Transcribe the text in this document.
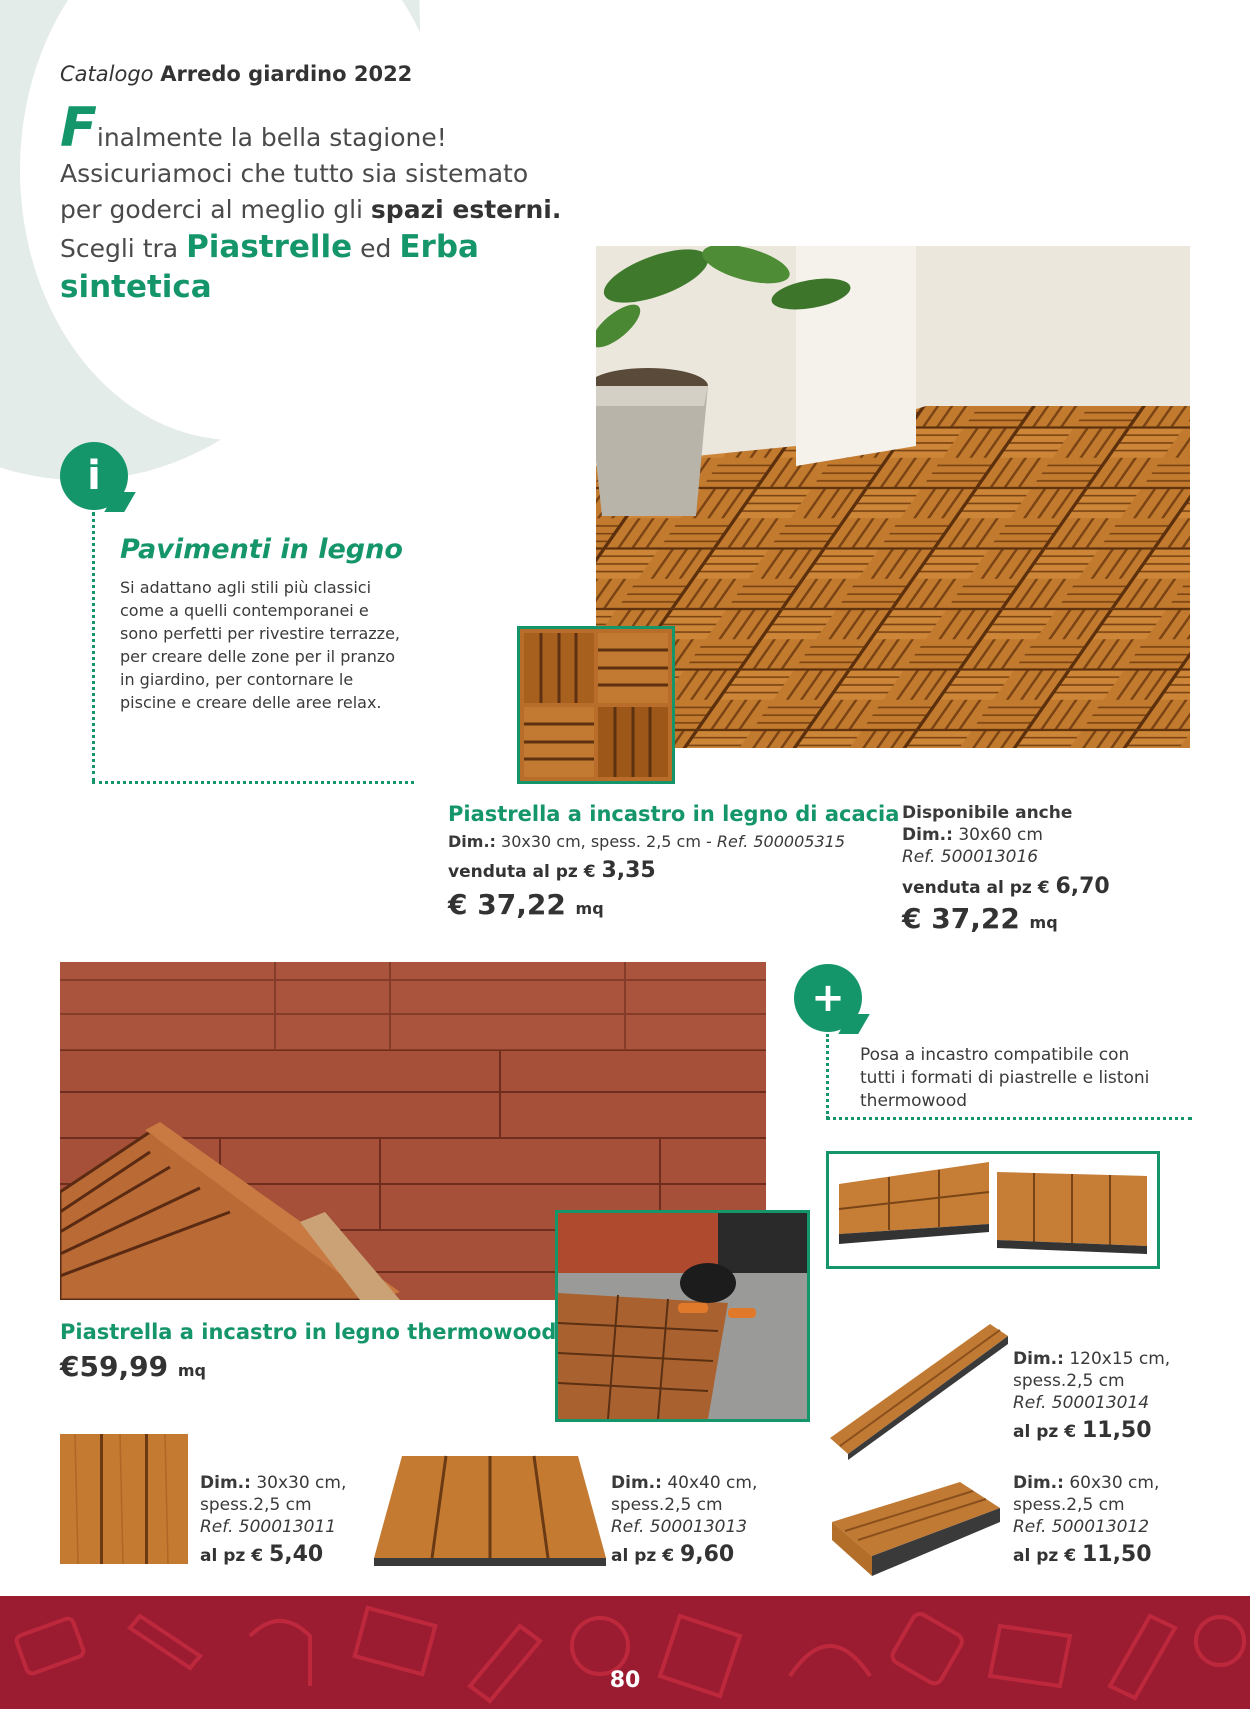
Catalogo Arredo giardino 2022
Finalmente la bella stagione!
Assicuriamoci che tutto sia sistemato
per goderci al meglio gli spazi esterni.
Scegli tra Piastrelle ed Erba sintetica
i
Pavimenti in legno
Si adattano agli stili più classici come a quelli contemporanei e sono perfetti per rivestire terrazze, per creare delle zone per il pranzo in giardino, per contornare le piscine e creare delle aree relax.
Piastrella a incastro in legno di acacia
Dim.: 30x30 cm, spess. 2,5 cm - Ref. 500005315
venduta al pz € 3,35
€ 37,22 mq
Disponibile anche
Dim.: 30x60 cm
Ref. 500013016
venduta al pz € 6,70
€ 37,22 mq
Piastrella a incastro in legno thermowood
€59,99 mq
+
Posa a incastro compatibile con tutti i formati di piastrelle e listoni thermowood
Dim.: 120x15 cm,
spess.2,5 cm
Ref. 500013014
al pz € 11,50
Dim.: 60x30 cm,
spess.2,5 cm
Ref. 500013012
al pz € 11,50
Dim.: 30x30 cm,
spess.2,5 cm
Ref. 500013011
al pz € 5,40
Dim.: 40x40 cm,
spess.2,5 cm
Ref. 500013013
al pz € 9,60
80
